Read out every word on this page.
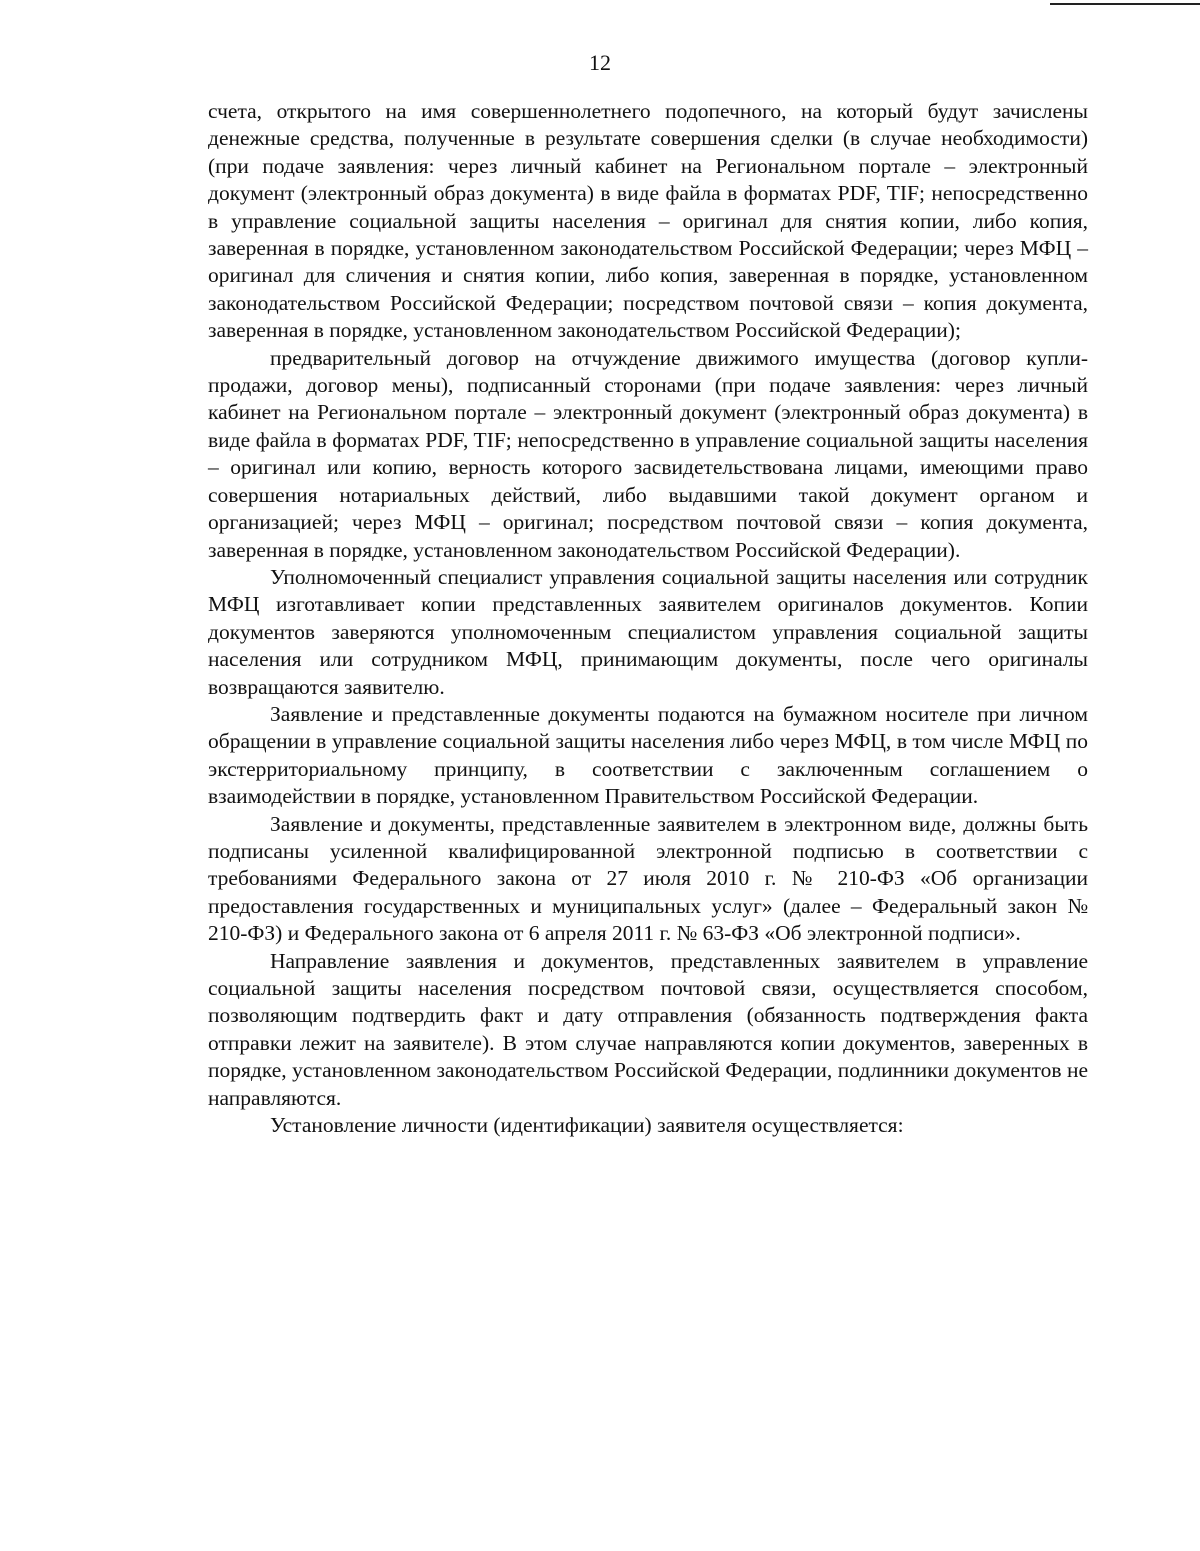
12

счета, открытого на имя совершеннолетнего подопечного, на который будут зачислены денежные средства, полученные в результате совершения сделки (в случае необходимости) (при подаче заявления: через личный кабинет на Региональном портале – электронный документ (электронный образ документа) в виде файла в форматах PDF, TIF; непосредственно в управление социальной защиты населения – оригинал для снятия копии, либо копия, заверенная в порядке, установленном законодательством Российской Федерации; через МФЦ – оригинал для сличения и снятия копии, либо копия, заверенная в порядке, установленном законодательством Российской Федерации; посредством почтовой связи – копия документа, заверенная в порядке, установленном законодательством Российской Федерации);

предварительный договор на отчуждение движимого имущества (договор купли-продажи, договор мены), подписанный сторонами (при подаче заявления: через личный кабинет на Региональном портале – электронный документ (электронный образ документа) в виде файла в форматах PDF, TIF; непосредственно в управление социальной защиты населения – оригинал или копию, верность которого засвидетельствована лицами, имеющими право совершения нотариальных действий, либо выдавшими такой документ органом и организацией; через МФЦ – оригинал; посредством почтовой связи – копия документа, заверенная в порядке, установленном законодательством Российской Федерации).

Уполномоченный специалист управления социальной защиты населения или сотрудник МФЦ изготавливает копии представленных заявителем оригиналов документов. Копии документов заверяются уполномоченным специалистом управления социальной защиты населения или сотрудником МФЦ, принимающим документы, после чего оригиналы возвращаются заявителю.

Заявление и представленные документы подаются на бумажном носителе при личном обращении в управление социальной защиты населения либо через МФЦ, в том числе МФЦ по экстерриториальному принципу, в соответствии с заключенным соглашением о взаимодействии в порядке, установленном Правительством Российской Федерации.

Заявление и документы, представленные заявителем в электронном виде, должны быть подписаны усиленной квалифицированной электронной подписью в соответствии с требованиями Федерального закона от 27 июля 2010 г. № 210-ФЗ «Об организации предоставления государственных и муниципальных услуг» (далее – Федеральный закон № 210-ФЗ) и Федерального закона от 6 апреля 2011 г. № 63-ФЗ «Об электронной подписи».

Направление заявления и документов, представленных заявителем в управление социальной защиты населения посредством почтовой связи, осуществляется способом, позволяющим подтвердить факт и дату отправления (обязанность подтверждения факта отправки лежит на заявителе). В этом случае направляются копии документов, заверенных в порядке, установленном законодательством Российской Федерации, подлинники документов не направляются.

Установление личности (идентификации) заявителя осуществляется:
